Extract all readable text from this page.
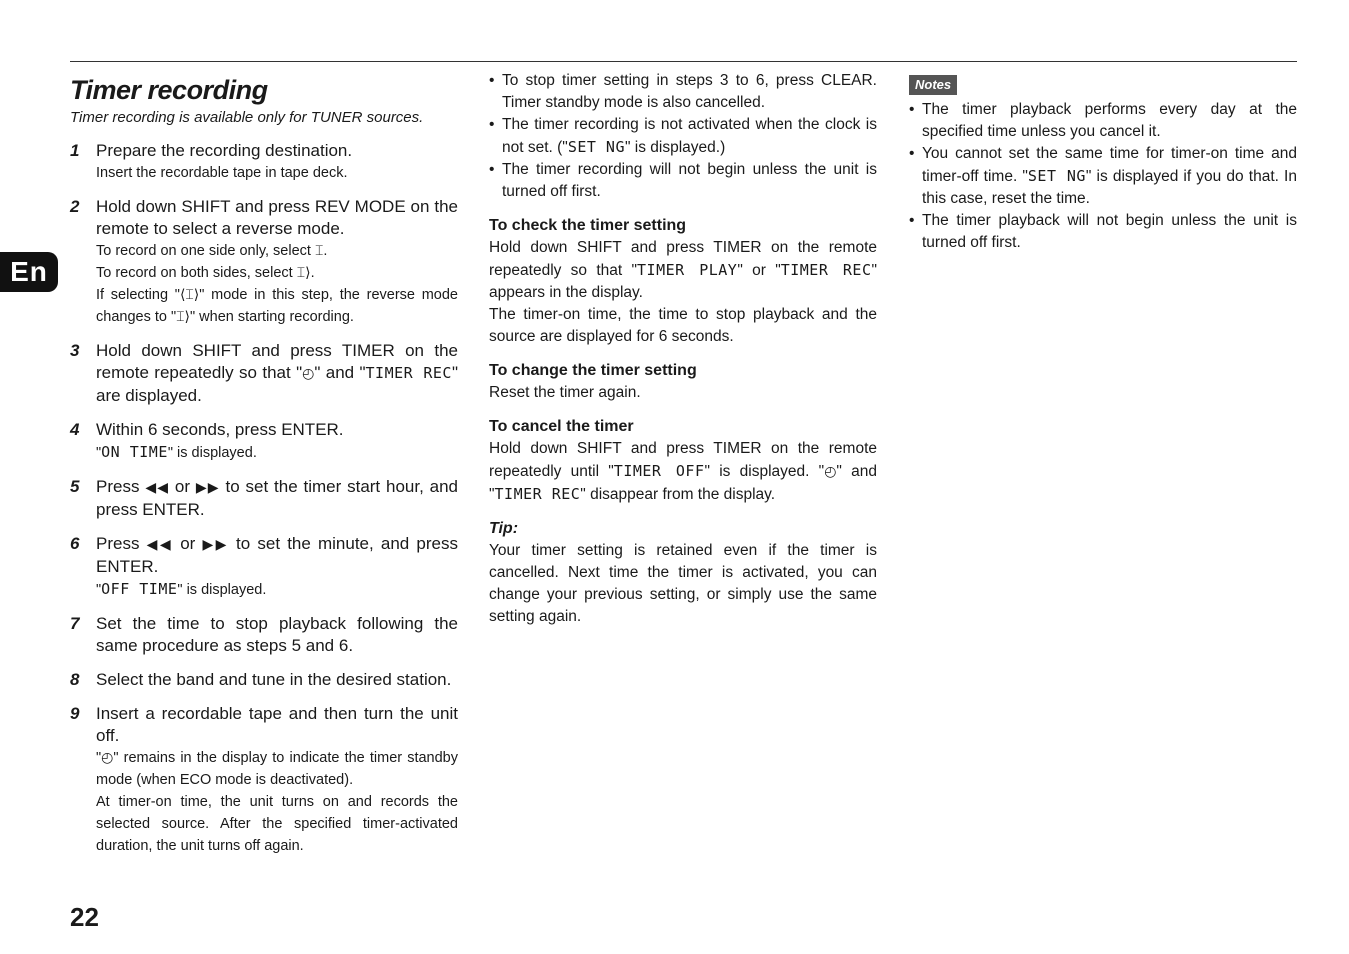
En
22
Timer recording
Timer recording is available only for TUNER sources.
1 Prepare the recording destination.
Insert the recordable tape in tape deck.
2 Hold down SHIFT and press REV MODE on the remote to select a reverse mode.
To record on one side only, select ⌶.
To record on both sides, select ⌶⟩.
If selecting "⟨⌶⟩" mode in this step, the reverse mode changes to "⌶⟩" when starting recording.
3 Hold down SHIFT and press TIMER on the remote repeatedly so that "◴" and "TIMER REC" are displayed.
4 Within 6 seconds, press ENTER.
"ON TIME" is displayed.
5 Press ◀◀ or ▶▶ to set the timer start hour, and press ENTER.
6 Press ◀◀ or ▶▶ to set the minute, and press ENTER.
"OFF TIME" is displayed.
7 Set the time to stop playback following the same procedure as steps 5 and 6.
8 Select the band and tune in the desired station.
9 Insert a recordable tape and then turn the unit off.
"◴" remains in the display to indicate the timer standby mode (when ECO mode is deactivated).
At timer-on time, the unit turns on and records the selected source. After the specified timer-activated duration, the unit turns off again.
• To stop timer setting in steps 3 to 6, press CLEAR. Timer standby mode is also cancelled.
• The timer recording is not activated when the clock is not set. ("SET NG" is displayed.)
• The timer recording will not begin unless the unit is turned off first.
To check the timer setting
Hold down SHIFT and press TIMER on the remote repeatedly so that "TIMER PLAY" or "TIMER REC" appears in the display.
The timer-on time, the time to stop playback and the source are displayed for 6 seconds.
To change the timer setting
Reset the timer again.
To cancel the timer
Hold down SHIFT and press TIMER on the remote repeatedly until "TIMER OFF" is displayed. "◴" and "TIMER REC" disappear from the display.
Tip:
Your timer setting is retained even if the timer is cancelled. Next time the timer is activated, you can change your previous setting, or simply use the same setting again.
Notes
• The timer playback performs every day at the specified time unless you cancel it.
• You cannot set the same time for timer-on time and timer-off time. "SET NG" is displayed if you do that. In this case, reset the time.
• The timer playback will not begin unless the unit is turned off first.
